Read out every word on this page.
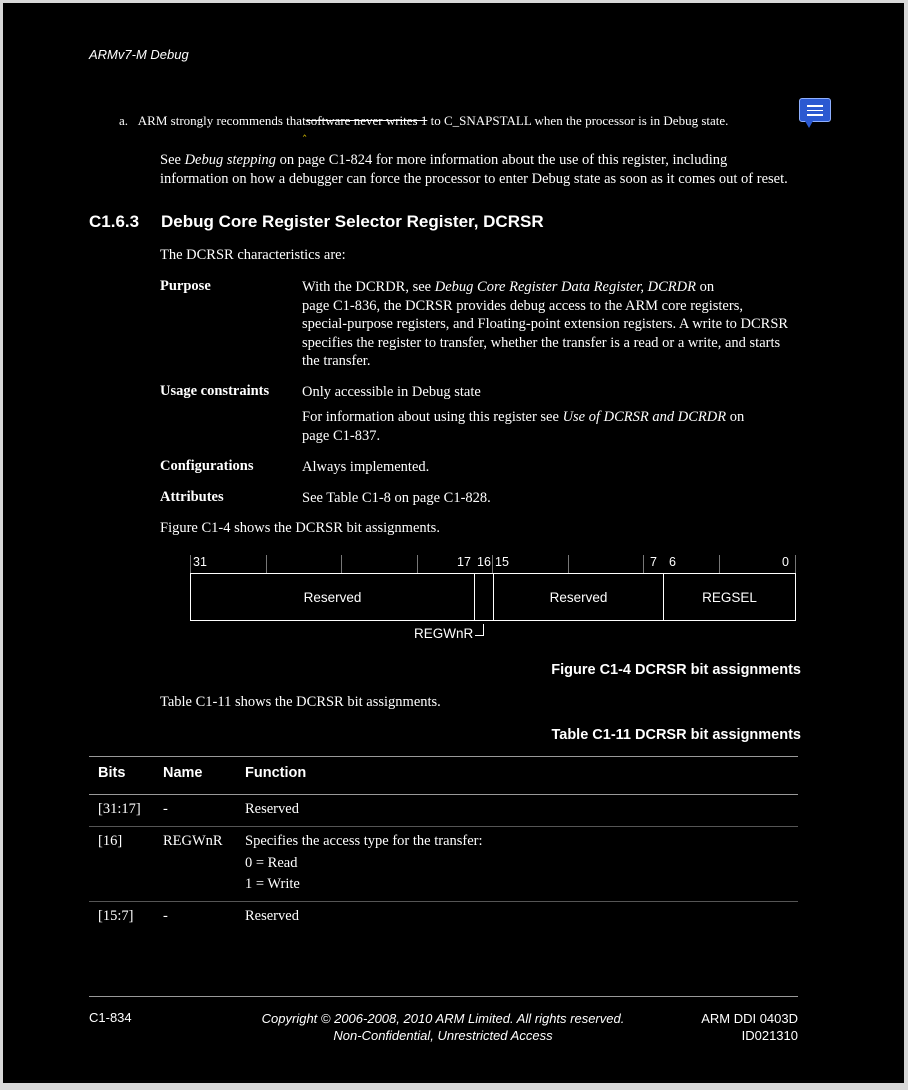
ARMv7-M Debug
a. ARM strongly recommends that
‸
software never writes 1 to C_SNAPSTALL when the processor is in Debug state.
See Debug stepping on page C1-824 for more information about the use of this register, including
information on how a debugger can force the processor to enter Debug state as soon as it comes out of reset.
C1.6.3 Debug Core Register Selector Register, DCRSR
The DCRSR characteristics are:
Purpose	With the DCRDR, see Debug Core Register Data Register, DCRDR on
page C1-836, the DCRSR provides debug access to the ARM core registers,
special-purpose registers, and Floating-point extension registers. A write to DCRSR
specifies the register to transfer, whether the transfer is a read or a write, and starts
the transfer.
Usage constraints Only accessible in Debug state
For information about using this register see Use of DCRSR and DCRDR on
page C1-837.
Configurations	Always implemented.
Attributes	See Table C1-8 on page C1-828.
Figure C1-4 shows the DCRSR bit assignments.
31	17 16 15	7 6	0
Reserved	Reserved	REGSEL
REGWnR
Figure C1-4 DCRSR bit assignments
Table C1-11 shows the DCRSR bit assignments.
Table C1-11 DCRSR bit assignments
Bits	Name	Function
[31:17] -	Reserved
[16]	REGWnR Specifies the access type for the transfer:
0 = Read
1 = Write
[15:7] -	Reserved
C1-834	Copyright © 2006-2008, 2010 ARM Limited. All rights reserved.
Non-Confidential, Unrestricted Access
ARM DDI 0403D
ID021310
